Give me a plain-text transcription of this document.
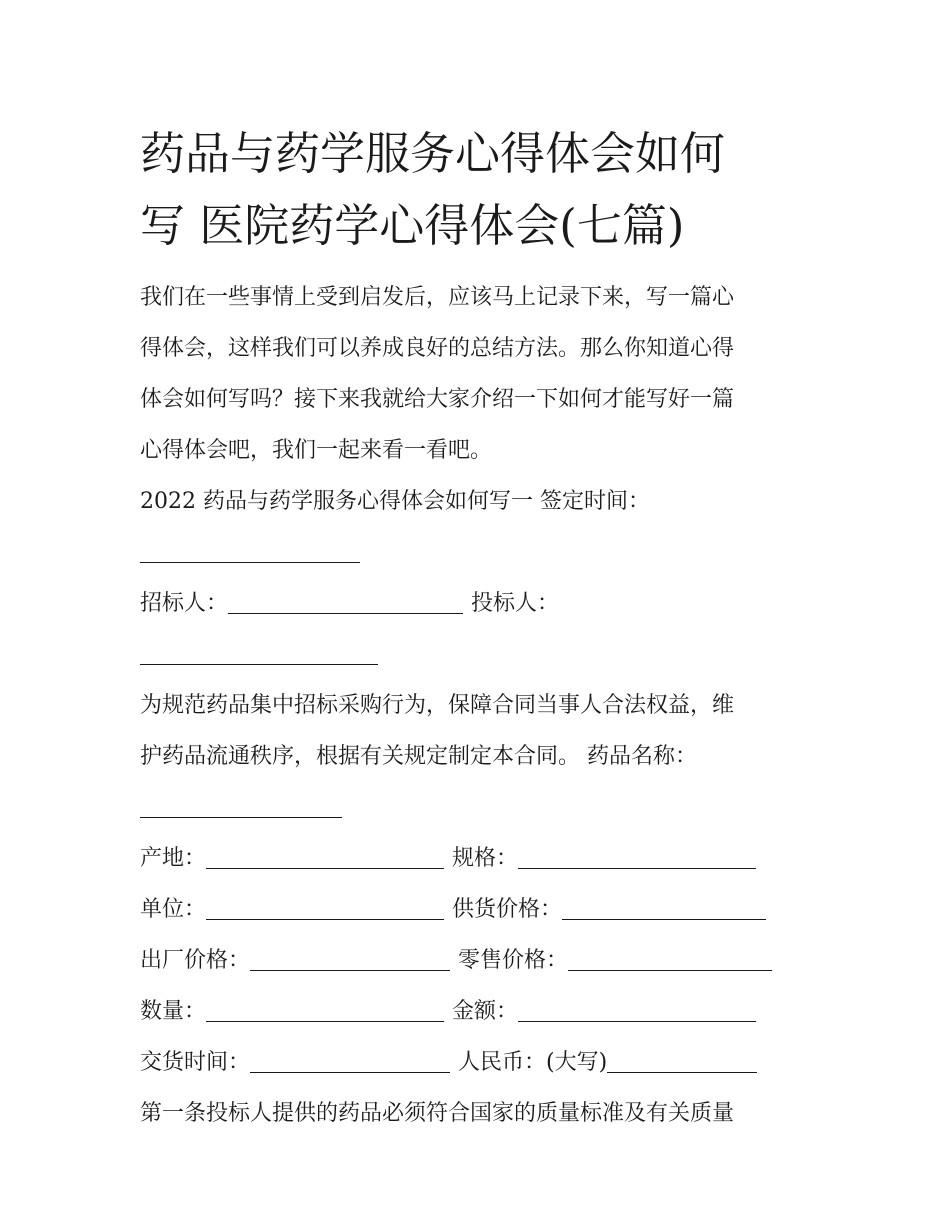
药品与药学服务心得体会如何
写 医院药学心得体会(七篇)
我们在一些事情上受到启发后，应该马上记录下来，写一篇心
得体会，这样我们可以养成良好的总结方法。那么你知道心得
体会如何写吗？接下来我就给大家介绍一下如何才能写好一篇
心得体会吧，我们一起来看一看吧。
2022 药品与药学服务心得体会如何写一 签定时间：
招标人：	投标人：
为规范药品集中招标采购行为，保障合同当事人合法权益，维
护药品流通秩序，根据有关规定制定本合同。 药品名称：
产地：	规格：
单位：	供货价格：
出厂价格：	零售价格：
数量：	金额：
交货时间：	人民币：(大写)
第一条投标人提供的药品必须符合国家的质量标准及有关质量
